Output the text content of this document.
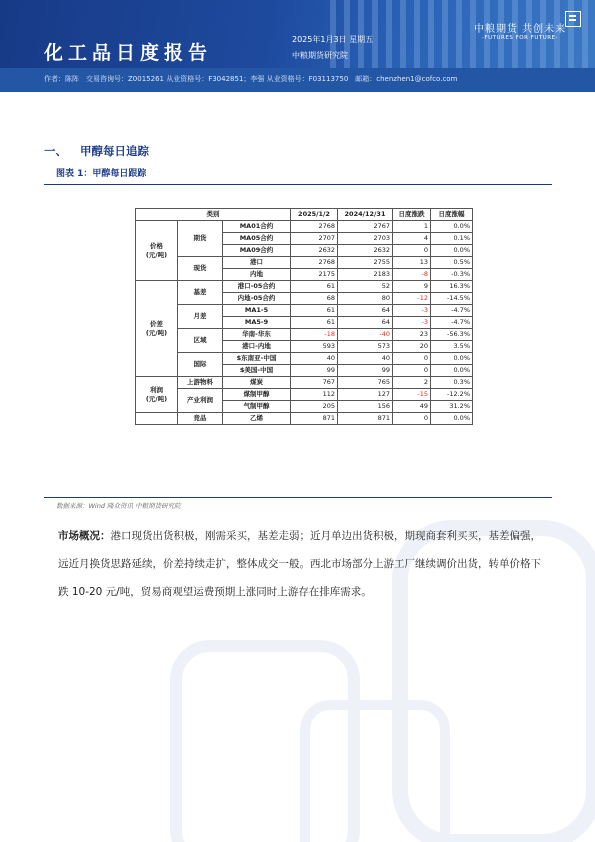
化工品日度报告
2025年1月3日 星期五
中粮期货研究院
中粮期货 共创未来
-FUTURES FOR FUTURE-
作者：陈阵　交易咨询号：Z0015261 从业资格号：F3042851；李强 从业资格号：F03113750　邮箱：chenzhen1@cofco.com
一、 甲醇每日追踪
图表 1：甲醇每日跟踪
类别			2025/1/2	2024/12/31	日度涨跌	日度涨幅
价格
(元/吨)	期货	MA01合约	2768	2767	1	0.0%
		MA05合约	2707	2703	4	0.1%
		MA09合约	2632	2632	0	0.0%
	现货	港口	2768	2755	13	0.5%
		内地	2175	2183	-8	-0.3%
价差
(元/吨)	基差	港口-05合约	61	52	9	16.3%
		内地-05合约	68	80	-12	-14.5%
	月差	MA1-5	61	64	-3	-4.7%
		MA5-9	61	64	-3	-4.7%
	区域	华南-华东	-18	-40	23	-56.3%
		港口-内地	593	573	20	3.5%
	国际	$东南亚-中国	40	40	0	0.0%
		$美国-中国	99	99	0	0.0%
利润
(元/吨)	上游物料	煤炭	767	765	2	0.3%
	产业利润	煤制甲醇	112	127	-15	-12.2%
		气制甲醇	205	156	49	31.2%
	竞品	乙烯	871	871	0	0.0%
数据来源：Wind 隆众资讯 中粮期货研究院
市场概况：港口现货出货积极，刚需采买，基差走弱；近月单边出货积极，期现商套利买买，基差偏强，远近月换货思路延续，价差持续走扩，整体成交一般。西北市场部分上游工厂继续调价出货，转单价格下跌 10-20 元/吨，贸易商观望运费预期上涨同时上游存在排库需求。
